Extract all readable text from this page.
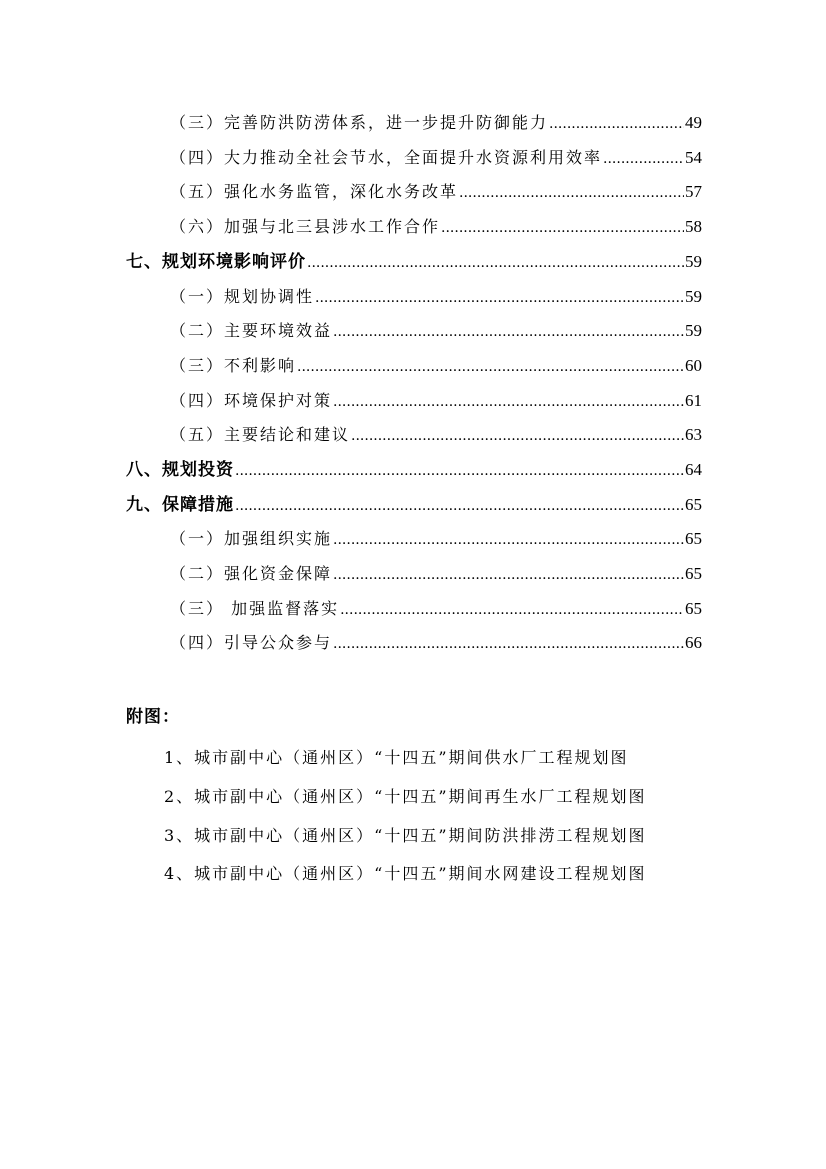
（三）完善防洪防涝体系，进一步提升防御能力 .....	49
（四）大力推动全社会节水，全面提升水资源利用效率 .....	54
（五）强化水务监管，深化水务改革 .....	57
（六）加强与北三县涉水工作合作 .....	58
七、规划环境影响评价 .....	59
（一）规划协调性 .....	59
（二）主要环境效益 .....	59
（三）不利影响 .....	60
（四）环境保护对策 .....	61
（五）主要结论和建议 .....	63
八、规划投资 .....	64
九、保障措施 .....	65
（一）加强组织实施 .....	65
（二）强化资金保障 .....	65
（三） 加强监督落实 .....	65
（四）引导公众参与 .....	66
附图：
1、城市副中心（通州区）“十四五”期间供水厂工程规划图
2、城市副中心（通州区）“十四五”期间再生水厂工程规划图
3、城市副中心（通州区）“十四五”期间防洪排涝工程规划图
4、城市副中心（通州区）“十四五”期间水网建设工程规划图
